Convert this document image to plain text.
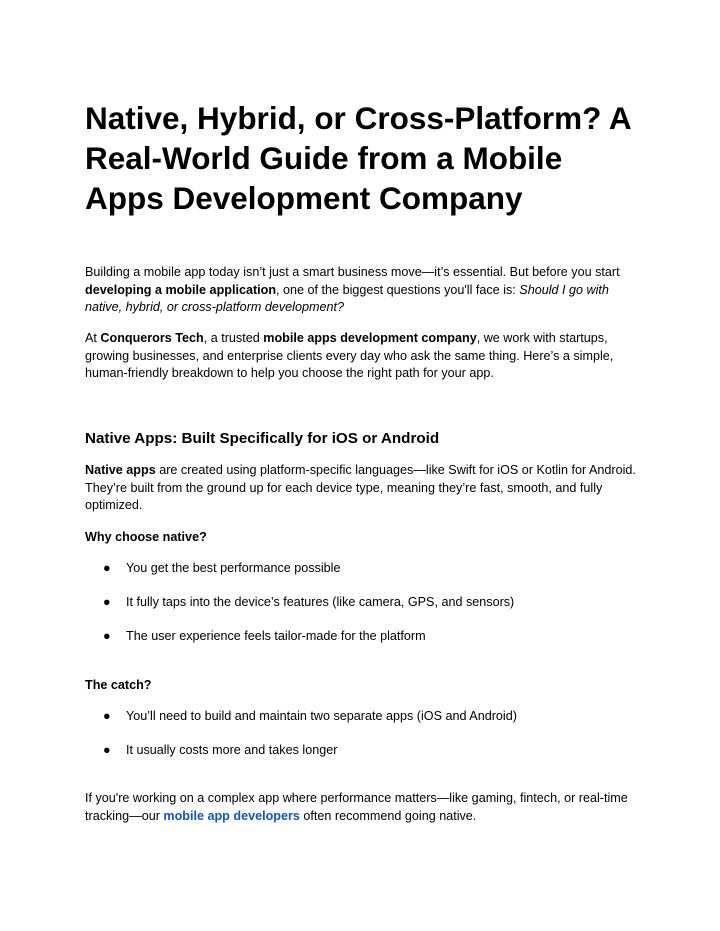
Native, Hybrid, or Cross-Platform? A Real-World Guide from a Mobile Apps Development Company

Building a mobile app today isn’t just a smart business move—it’s essential. But before you start developing a mobile application, one of the biggest questions you'll face is: Should I go with native, hybrid, or cross-platform development?

At Conquerors Tech, a trusted mobile apps development company, we work with startups, growing businesses, and enterprise clients every day who ask the same thing. Here’s a simple, human-friendly breakdown to help you choose the right path for your app.

Native Apps: Built Specifically for iOS or Android

Native apps are created using platform-specific languages—like Swift for iOS or Kotlin for Android. They’re built from the ground up for each device type, meaning they’re fast, smooth, and fully optimized.

Why choose native?

● You get the best performance possible
● It fully taps into the device’s features (like camera, GPS, and sensors)
● The user experience feels tailor-made for the platform

The catch?

● You’ll need to build and maintain two separate apps (iOS and Android)
● It usually costs more and takes longer

If you're working on a complex app where performance matters—like gaming, fintech, or real-time tracking—our mobile app developers often recommend going native.
